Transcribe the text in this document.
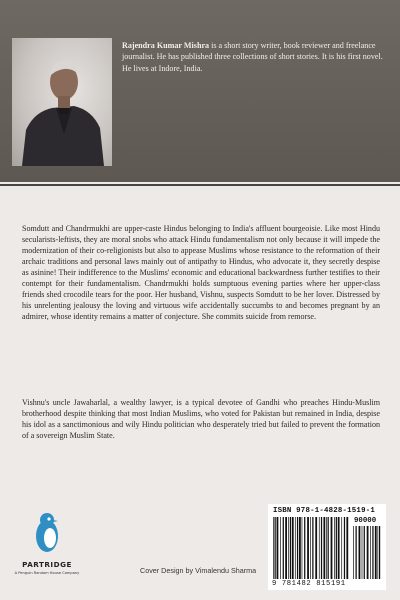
Rajendra Kumar Mishra is a short story writer, book reviewer and freelance journalist. He has published three collections of short stories. It is his first novel. He lives at Indore, India.
Somdutt and Chandrmukhi are upper-caste Hindus belonging to India's affluent bourgeoisie. Like most Hindu secularists-leftists, they are moral snobs who attack Hindu fundamentalism not only because it will impede the modernization of their co-religionists but also to appease Muslims whose resistance to the reformation of their archaic traditions and personal laws mainly out of antipathy to Hindus, who advocate it, they secretly despise as asinine! Their indifference to the Muslims' economic and educational backwardness further testifies to their contempt for their fundamentalism. Chandrmukhi holds sumptuous evening parties where her upper-class friends shed crocodile tears for the poor. Her husband, Vishnu, suspects Somdutt to be her lover. Distressed by his unrelenting jealousy the loving and virtuous wife accidentally succumbs to and becomes pregnant by an admirer, whose identity remains a matter of conjecture. She commits suicide from remorse.
Vishnu's uncle Jawaharlal, a wealthy lawyer, is a typical devotee of Gandhi who preaches Hindu-Muslim brotherhood despite thinking that most Indian Muslims, who voted for Pakistan but remained in India, despise his idol as a sanctimonious and wily Hindu politician who desperately tried but failed to prevent the formation of a sovereign Muslim State.
PARTRIDGE
A Penguin Random House Company	Cover Design by Vimalendu Sharma
ISBN 978-1-4828-1519-1
90000
9 781482 815191
